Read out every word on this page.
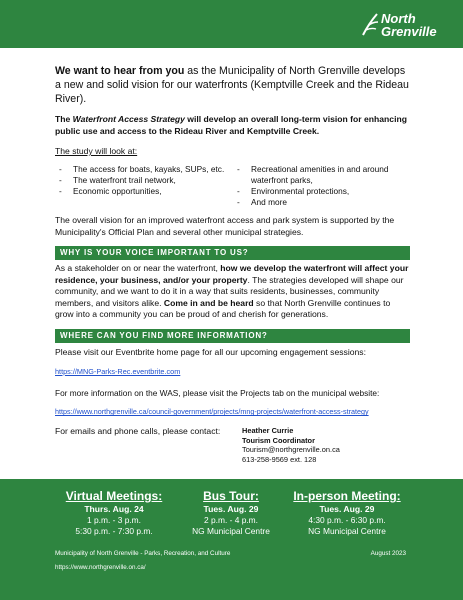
North
Grenville

We want to hear from you as the Municipality of North Grenville develops a new and solid vision for our waterfronts (Kemptville Creek and the Rideau River).

The Waterfront Access Strategy will develop an overall long-term vision for enhancing public use and access to the Rideau River and Kemptville Creek.

The study will look at:

- The access for boats, kayaks, SUPs, etc.
- The waterfront trail network,
- Economic opportunities,
- Recreational amenities in and around waterfront parks,
- Environmental protections,
- And more

The overall vision for an improved waterfront access and park system is supported by the Municipality's Official Plan and several other municipal strategies.

WHY IS YOUR VOICE IMPORTANT TO US?

As a stakeholder on or near the waterfront, how we develop the waterfront will affect your residence, your business, and/or your property. The strategies developed will shape our community, and we want to do it in a way that suits residents, businesses, community members, and visitors alike. Come in and be heard so that North Grenville continues to grow into a community you can be proud of and cherish for generations.

WHERE CAN YOU FIND MORE INFORMATION?

Please visit our Eventbrite home page for all our upcoming engagement sessions:

https://MNG-Parks-Rec.eventbrite.com

For more information on the WAS, please visit the Projects tab on the municipal website:

https://www.northgrenville.ca/council-government/projects/mng-projects/waterfront-access-strategy

For emails and phone calls, please contact:	Heather Currie
Tourism Coordinator
Tourism@northgrenville.on.ca
613-258-9569 ext. 128
Virtual Meetings:
Thurs. Aug. 24
1 p.m. - 3 p.m.
5:30 p.m. - 7:30 p.m.
Bus Tour:
Tues. Aug. 29
2 p.m. - 4 p.m.
NG Municipal Centre
In-person Meeting:
Tues. Aug. 29
4:30 p.m. - 6:30 p.m.
NG Municipal Centre
Municipality of North Grenville - Parks, Recreation, and Culture	August 2023
https://www.northgrenville.on.ca/
